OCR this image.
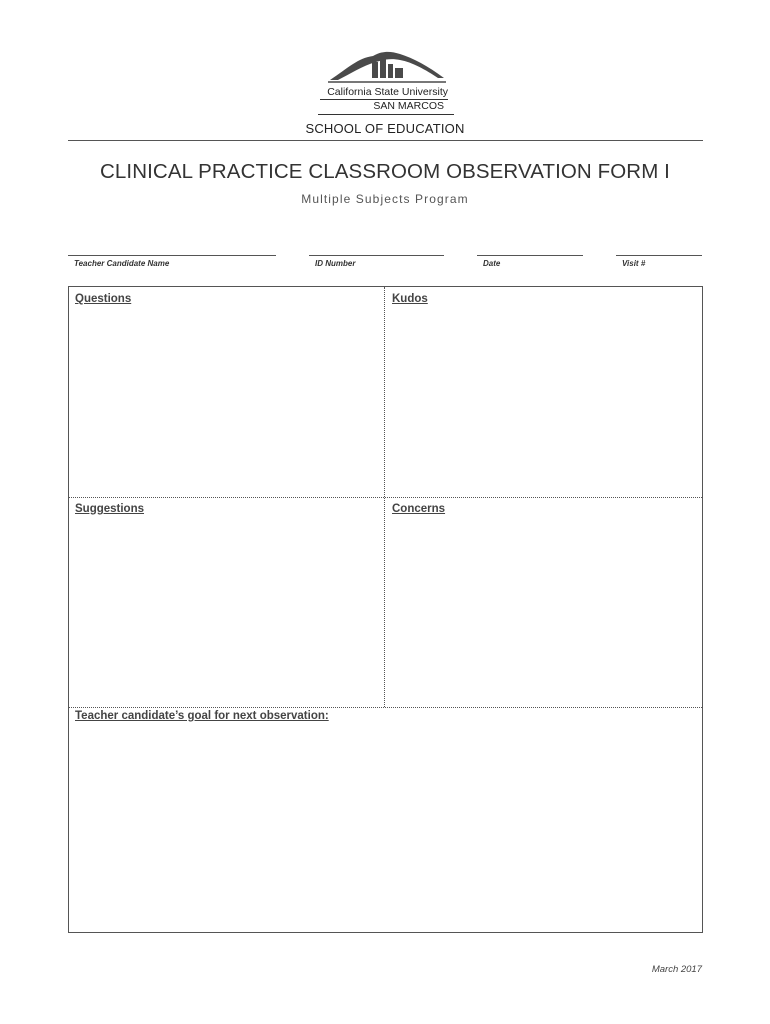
California State University
SAN MARCOS
SCHOOL OF EDUCATION
CLINICAL PRACTICE CLASSROOM OBSERVATION FORM I
Multiple Subjects Program
Teacher Candidate Name	ID Number	Date	Visit #
Questions	Kudos
Suggestions	Concerns
Teacher candidate’s goal for next observation:
March 2017
